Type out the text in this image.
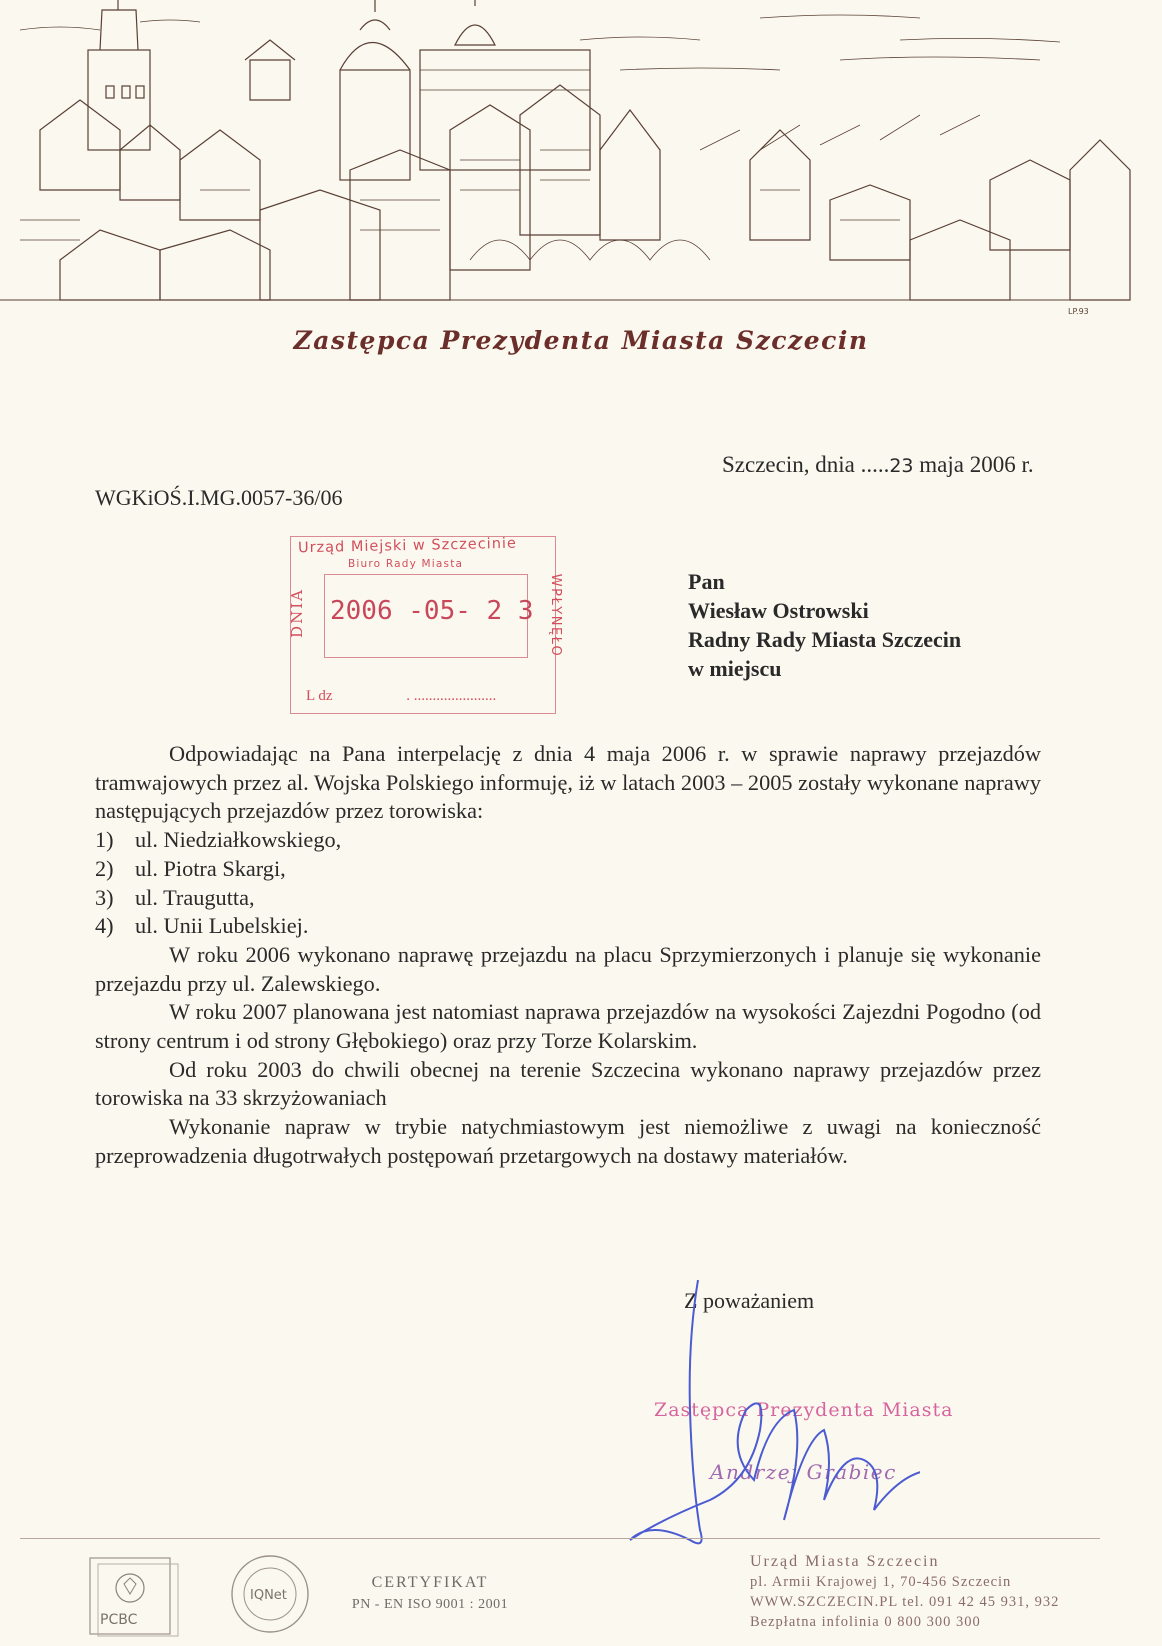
LP.93
Zastępca Prezydenta Miasta Szczecin
Szczecin, dnia .....23 maja 2006 r.
WGKiOŚ.I.MG.0057-36/06
Urząd Miejski w Szczecinie
Biuro Rady Miasta
2006 -05- 2 3
DNIA	WPŁYNĘŁO
L dz	. ......................
Pan
Wiesław Ostrowski
Radny Rady Miasta Szczecin
w miejscu

Odpowiadając na Pana interpelację z dnia 4 maja 2006 r. w sprawie naprawy przejazdów tramwajowych przez al. Wojska Polskiego informuję, iż w latach 2003 – 2005 zostały wykonane naprawy następujących przejazdów przez torowiska:

1) ul. Niedziałkowskiego,
2) ul. Piotra Skargi,
3) ul. Traugutta,
4) ul. Unii Lubelskiej.

W roku 2006 wykonano naprawę przejazdu na placu Sprzymierzonych i planuje się wykonanie przejazdu przy ul. Zalewskiego.

W roku 2007 planowana jest natomiast naprawa przejazdów na wysokości Zajezdni Pogodno (od strony centrum i od strony Głębokiego) oraz przy Torze Kolarskim.

Od roku 2003 do chwili obecnej na terenie Szczecina wykonano naprawy przejazdów przez torowiska na 33 skrzyżowaniach

Wykonanie napraw w trybie natychmiastowym jest niemożliwe z uwagi na konieczność przeprowadzenia długotrwałych postępowań przetargowych na dostawy materiałów.

Z poważaniem
Zastępca Prezydenta Miasta
Andrzej Grabiec
PCBC
IQNet
CERTYFIKAT
PN - EN ISO 9001 : 2001
Urząd Miasta Szczecin
pl. Armii Krajowej 1, 70-456 Szczecin
WWW.SZCZECIN.PL tel. 091 42 45 931, 932
Bezpłatna infolinia 0 800 300 300
